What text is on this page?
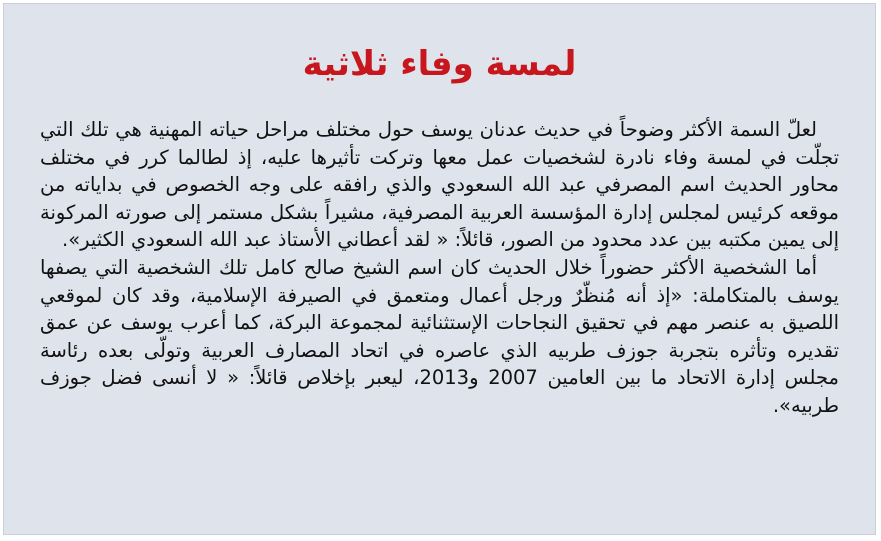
لمسة وفاء ثلاثية

لعلّ السمة الأكثر وضوحاً في حديث عدنان يوسف حول مختلف مراحل حياته المهنية هي تلك التي تجلّت في لمسة وفاء نادرة لشخصيات عمل معها وتركت تأثيرها عليه، إذ لطالما كرر في مختلف محاور الحديث اسم المصرفي عبد الله السعودي والذي رافقه على وجه الخصوص في بداياته من موقعه كرئيس لمجلس إدارة المؤسسة العربية المصرفية، مشيراً بشكل مستمر إلى صورته المركونة إلى يمين مكتبه بين عدد محدود من الصور، قائلاً: « لقد أعطاني الأستاذ عبد الله السعودي الكثير».

أما الشخصية الأكثر حضوراً خلال الحديث كان اسم الشيخ صالح كامل تلك الشخصية التي يصفها يوسف بالمتكاملة: «إذ أنه مُنظّرٌ ورجل أعمال ومتعمق في الصيرفة الإسلامية، وقد كان لموقعي اللصيق به عنصر مهم في تحقيق النجاحات الإستثنائية لمجموعة البركة، كما أعرب يوسف عن عمق تقديره وتأثره بتجربة جوزف طربيه الذي عاصره في اتحاد المصارف العربية وتولّى بعده رئاسة مجلس إدارة الاتحاد ما بين العامين 2007 و2013، ليعبر بإخلاص قائلاً: « لا أنسى فضل جوزف طربيه».
